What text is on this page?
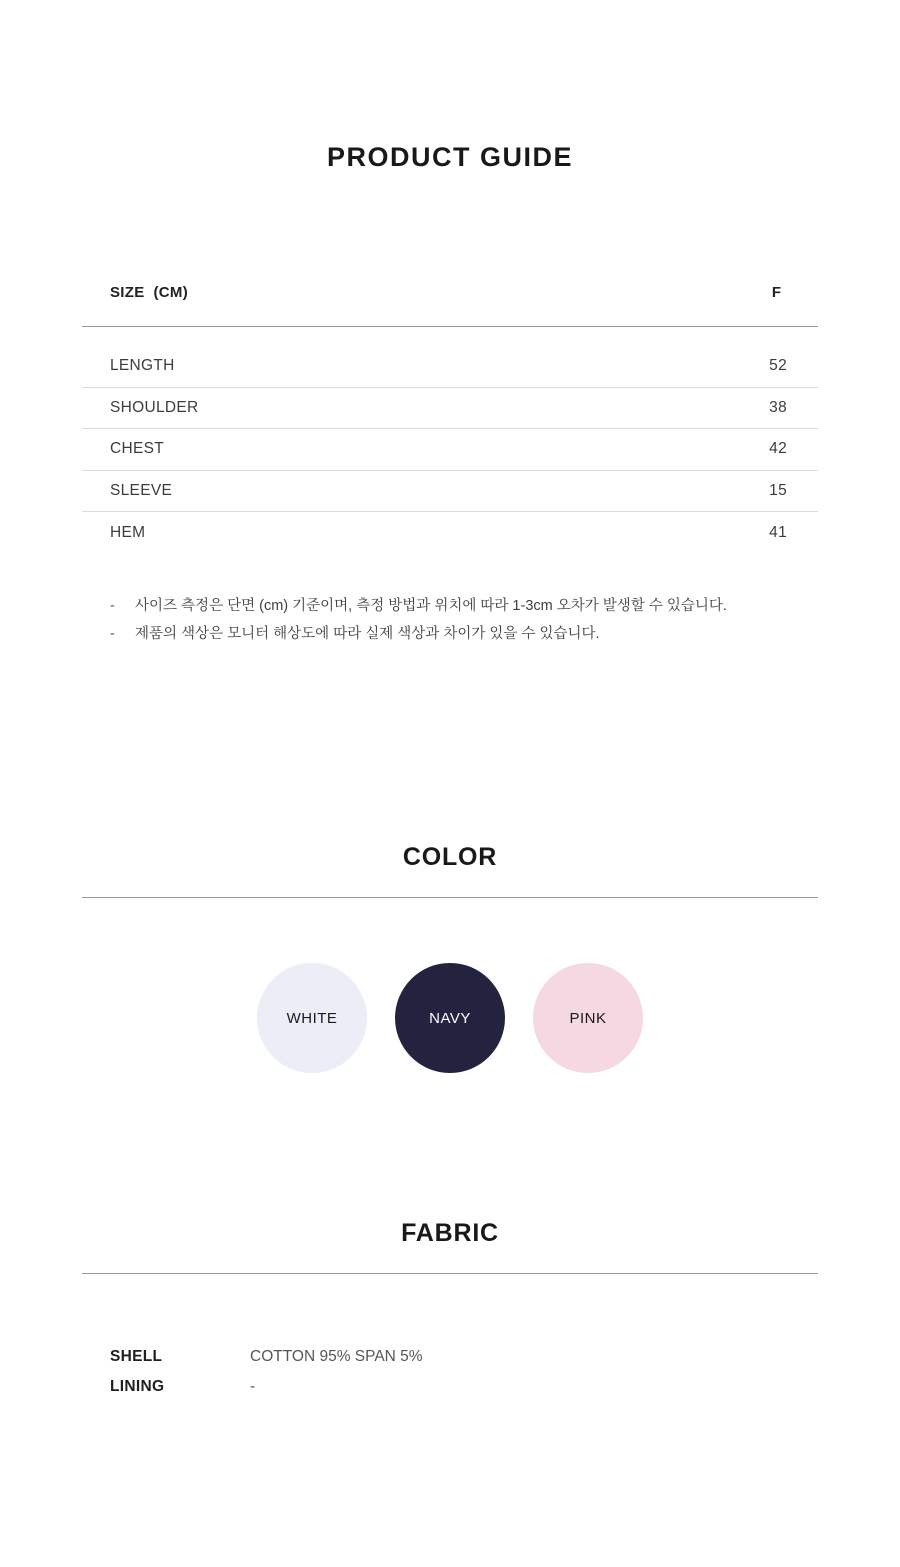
PRODUCT GUIDE
SIZE  (CM)	F
LENGTH	52
SHOULDER	38
CHEST	42
SLEEVE	15
HEM	41
-	사이즈 측정은 단면 (cm) 기준이며, 측정 방법과 위치에 따라 1-3cm 오차가 발생할 수 있습니다.
-	제품의 색상은 모니터 해상도에 따라 실제 색상과 차이가 있을 수 있습니다.
COLOR
WHITE	NAVY	PINK
FABRIC
SHELL	COTTON 95% SPAN 5%
LINING	-
